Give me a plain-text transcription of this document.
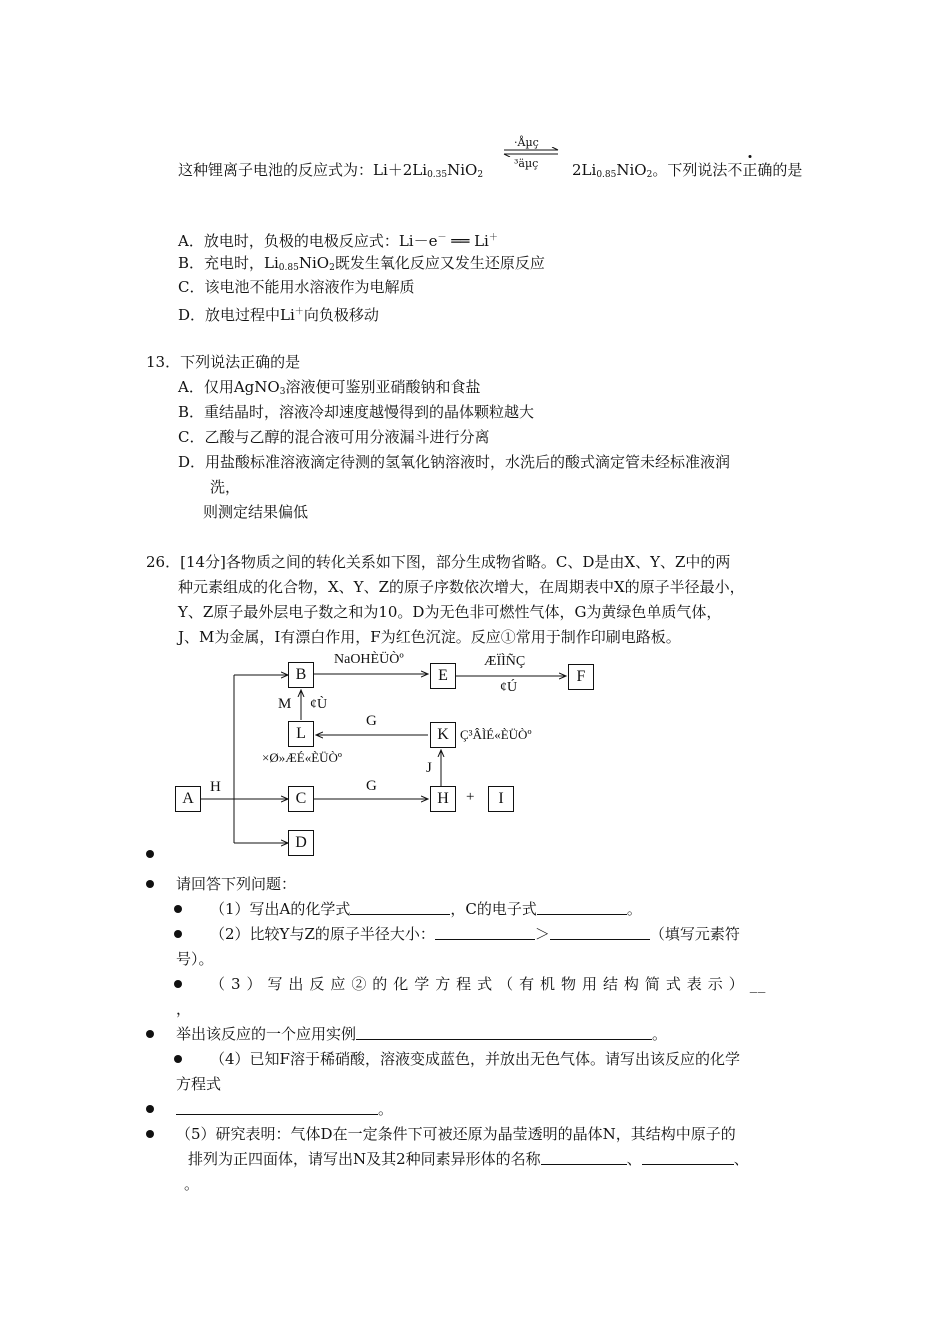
这种锂离子电池的反应式为：$Li+2Li_{0.35}NiO_2$
·Åµç
³äµç $2Li_{0.85}NiO_2$。下列说法不正确的是
A．放电时，负极的电极反应式：Li－e－ ══ Li＋
B．充电时，$Li_{0.85}NiO_2$既发生氧化反应又发生还原反应
C．该电池不能用水溶液作为电解质
D．放电过程中Li＋向负极移动
13．下列说法正确的是
A．仅用AgNO$_3$溶液便可鉴别亚硝酸钠和食盐
B．重结晶时，溶液冷却速度越慢得到的晶体颗粒越大
C．乙酸与乙醇的混合液可用分液漏斗进行分离
D．用盐酸标准溶液滴定待测的氢氧化钠溶液时，水洗后的酸式滴定管未经标准液润
洗，
则测定结果偏低
26．[14分]各物质之间的转化关系如下图，部分生成物省略。C、D是由X、Y、Z中的两
种元素组成的化合物，X、Y、Z的原子序数依次增大，在周期表中X的原子半径最小，
Y、Z原子最外层电子数之和为10。D为无色非可燃性气体，G为黄绿色单质气体，
J、M为金属，I有漂白作用，F为红色沉淀。反应①常用于制作印刷电路板。
B	E	F
L	K
A	C	H	I
D
H
NaOHÈÜÒº	ÆÏÌÑÇ
¢Ú
M ¢Ù
G
G
J
+
Ç³ÂÌÉ«ÈÜÒº
×Ø»ÆÉ«ÈÜÒº
请回答下列问题：
（1）写出A的化学式	，C的电子式	。
（2）比较Y与Z的原子半径大小：	＞	（填写元素符
号）。
（ 3 ） 写 出 反 应 ② 的 化 学 方 程 式 （ 有 机 物 用 结 构 简 式 表 示 ） __
，
举出该反应的一个应用实例	。
（4）已知F溶于稀硝酸，溶液变成蓝色，并放出无色气体。请写出该反应的化学
方程式
。
（5）研究表明：气体D在一定条件下可被还原为晶莹透明的晶体N，其结构中原子的
排列为正四面体，请写出N及其2种同素异形体的名称	、	、
。
